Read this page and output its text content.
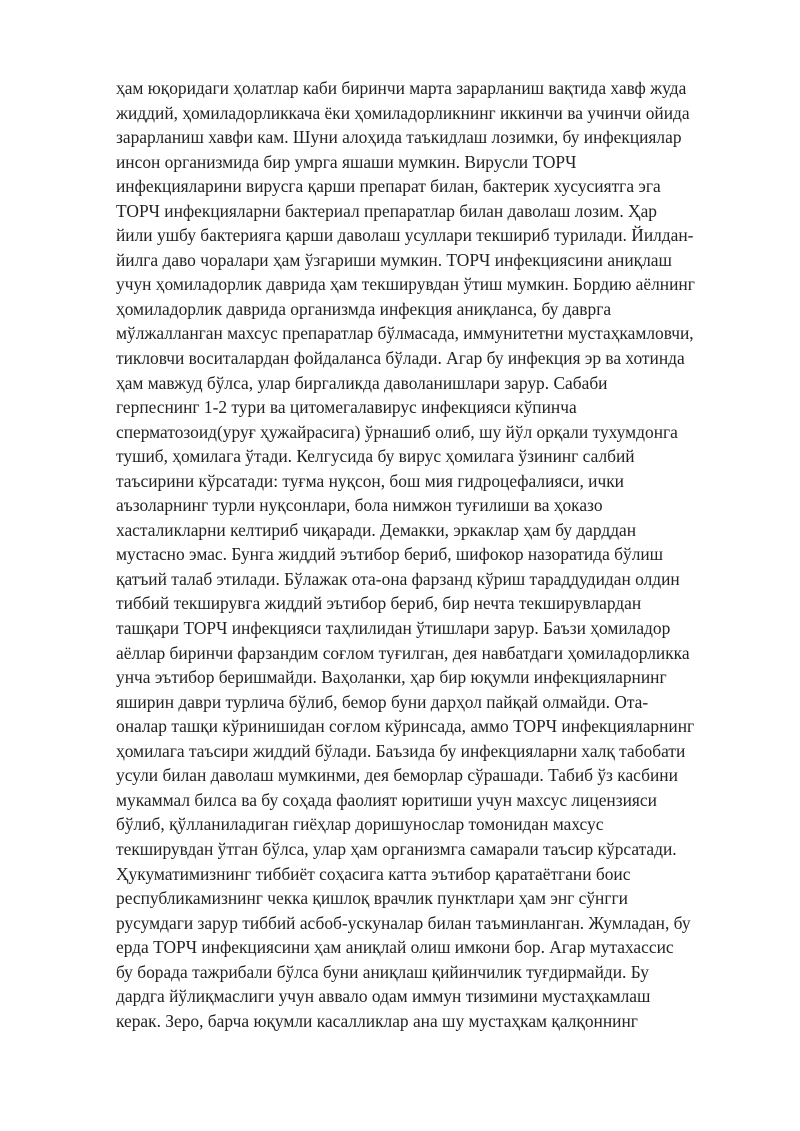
ҳам юқоридаги ҳолатлар каби биринчи марта зарарланиш вақтида хавф жуда
жиддий, ҳомиладорликкача ёки ҳомиладорликнинг иккинчи ва учинчи ойида
зарарланиш хавфи кам. Шуни алоҳида таъкидлаш лозимки, бу инфекциялар
инсон организмида бир умрга яшаши мумкин. Вирусли ТОРЧ
инфекцияларини вирусга қарши препарат билан, бактерик хусусиятга эга
ТОРЧ инфекцияларни бактериал препаратлар билан даволаш лозим. Ҳар
йили ушбу бактерияга қарши даволаш усуллари текшириб турилади. Йилдан-
йилга даво чоралари ҳам ўзгариши мумкин. ТОРЧ инфекциясини аниқлаш
учун ҳомиладорлик даврида ҳам текширувдан ўтиш мумкин. Бордию аёлнинг
ҳомиладорлик даврида организмда инфекция аниқланса, бу даврга
мўлжалланган махсус препаратлар бўлмасада, иммунитетни мустаҳкамловчи,
тикловчи воситалардан фойдаланса бўлади. Агар бу инфекция эр ва хотинда
ҳам мавжуд бўлса, улар биргаликда даволанишлари зарур. Сабаби
герпеснинг 1-2 тури ва цитомегалавирус инфекцияси кўпинча
сперматозоид(уруғ ҳужайрасига) ўрнашиб олиб, шу йўл орқали тухумдонга
тушиб, ҳомилага ўтади. Келгусида бу вирус ҳомилага ўзининг салбий
таъсирини кўрсатади: туғма нуқсон, бош мия гидроцефалияси, ички
аъзоларнинг турли нуқсонлари, бола нимжон туғилиши ва ҳоказо
хасталикларни келтириб чиқаради. Демакки, эркаклар ҳам бу дарддан
мустасно эмас. Бунга жиддий эътибор бериб, шифокор назоратида бўлиш
қатъий талаб этилади. Бўлажак ота-она фарзанд кўриш тараддудидан олдин
тиббий текширувга жиддий эътибор бериб, бир нечта текширувлардан
ташқари ТОРЧ инфекцияси таҳлилидан ўтишлари зарур. Баъзи ҳомиладор
аёллар биринчи фарзандим соғлом туғилган, дея навбатдаги ҳомиладорликка
унча эътибор беришмайди. Ваҳоланки, ҳар бир юқумли инфекцияларнинг
яширин даври турлича бўлиб, бемор буни дарҳол пайқай олмайди. Ота-
оналар ташқи кўринишидан соғлом кўринсада, аммо ТОРЧ инфекцияларнинг
ҳомилага таъсири жиддий бўлади. Баъзида бу инфекцияларни халқ табобати
усули билан даволаш мумкинми, дея беморлар сўрашади. Табиб ўз касбини
мукаммал билса ва бу соҳада фаолият юритиши учун махсус лицензияси
бўлиб, қўлланиладиган гиёҳлар доришунослар томонидан махсус
текширувдан ўтган бўлса, улар ҳам организмга самарали таъсир кўрсатади.
Ҳукуматимизнинг тиббиёт соҳасига катта эътибор қаратаётгани боис
республикамизнинг чекка қишлоқ врачлик пунктлари ҳам энг сўнгги
русумдаги зарур тиббий асбоб-ускуналар билан таъминланган. Жумладан, бу
ерда ТОРЧ инфекциясини ҳам аниқлай олиш имкони бор. Агар мутахассис
бу борада тажрибали бўлса буни аниқлаш қийинчилик туғдирмайди. Бу
дардга йўлиқмаслиги учун аввало одам иммун тизимини мустаҳкамлаш
керак. Зеро, барча юқумли касалликлар ана шу мустаҳкам қалқоннинг
